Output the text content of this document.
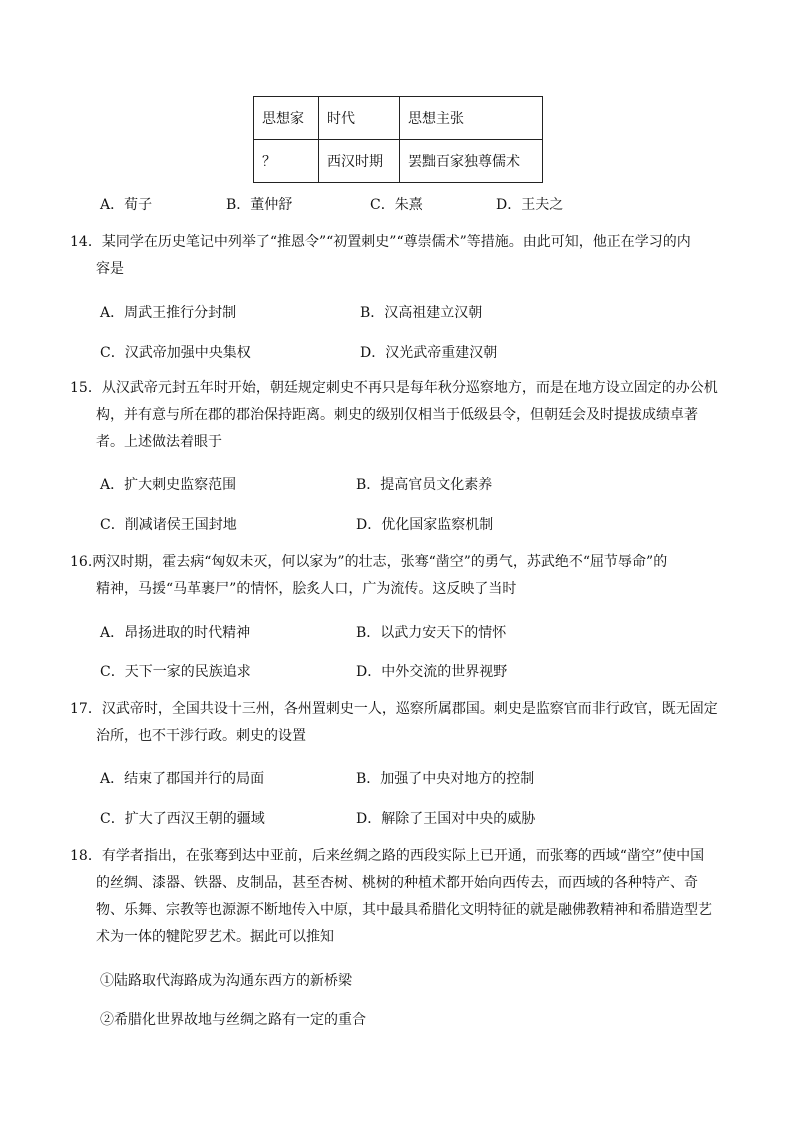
思想家	时代	思想主张
？	西汉时期	罢黜百家独尊儒术
A．荀子	B．董仲舒	C．朱熹	D．王夫之
14．某同学在历史笔记中列举了“推恩令”“初置刺史”“尊崇儒术”等措施。由此可知，他正在学习的内
容是
A．周武王推行分封制	B．汉高祖建立汉朝
C．汉武帝加强中央集权	D．汉光武帝重建汉朝
15．从汉武帝元封五年时开始，朝廷规定刺史不再只是每年秋分巡察地方，而是在地方设立固定的办公机
构，并有意与所在郡的郡治保持距离。刺史的级别仅相当于低级县令，但朝廷会及时提拔成绩卓著
者。上述做法着眼于
A．扩大刺史监察范围	B．提高官员文化素养
C．削减诸侯王国封地	D．优化国家监察机制
16.两汉时期，霍去病“匈奴未灭，何以家为”的壮志，张骞“凿空”的勇气，苏武绝不“屈节辱命”的
精神，马援“马革裹尸”的情怀，脍炙人口，广为流传。这反映了当时
A．昂扬进取的时代精神	B．以武力安天下的情怀
C．天下一家的民族追求	D．中外交流的世界视野
17．汉武帝时，全国共设十三州，各州置刺史一人，巡察所属郡国。刺史是监察官而非行政官，既无固定
治所，也不干涉行政。刺史的设置
A．结束了郡国并行的局面	B．加强了中央对地方的控制
C．扩大了西汉王朝的疆域	D．解除了王国对中央的威胁
18．有学者指出，在张骞到达中亚前，后来丝绸之路的西段实际上已开通，而张骞的西域“凿空”使中国
的丝绸、漆器、铁器、皮制品，甚至杏树、桃树的种植术都开始向西传去，而西域的各种特产、奇
物、乐舞、宗教等也源源不断地传入中原，其中最具希腊化文明特征的就是融佛教精神和希腊造型艺
术为一体的犍陀罗艺术。据此可以推知
①陆路取代海路成为沟通东西方的新桥梁
②希腊化世界故地与丝绸之路有一定的重合
